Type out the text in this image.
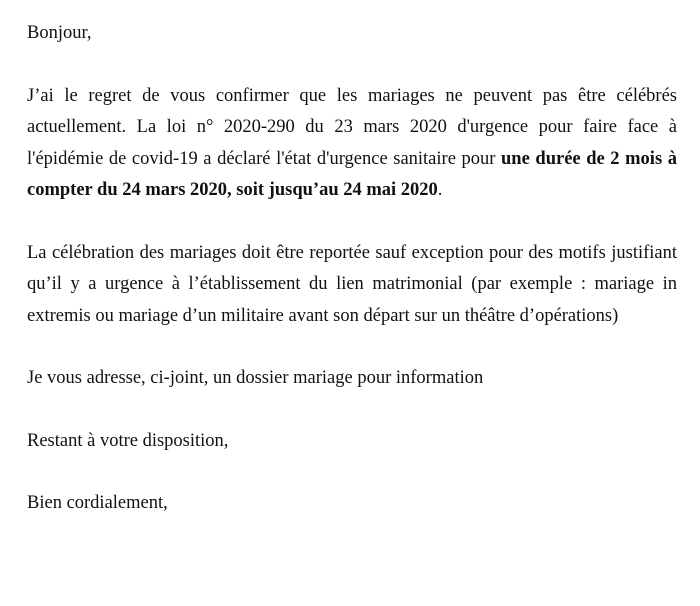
Bonjour,

J’ai le regret de vous confirmer que les mariages ne peuvent pas être célébrés actuellement. La loi n° 2020-290 du 23 mars 2020 d'urgence pour faire face à l'épidémie de covid-19 a déclaré l'état d'urgence sanitaire pour une durée de 2 mois à compter du 24 mars 2020, soit jusqu’au 24 mai 2020.

La célébration des mariages doit être reportée sauf exception pour des motifs justifiant qu’il y a urgence à l’établissement du lien matrimonial (par exemple : mariage in extremis ou mariage d’un militaire avant son départ sur un théâtre d’opérations)

Je vous adresse, ci-joint, un dossier mariage pour information

Restant à votre disposition,

Bien cordialement,
